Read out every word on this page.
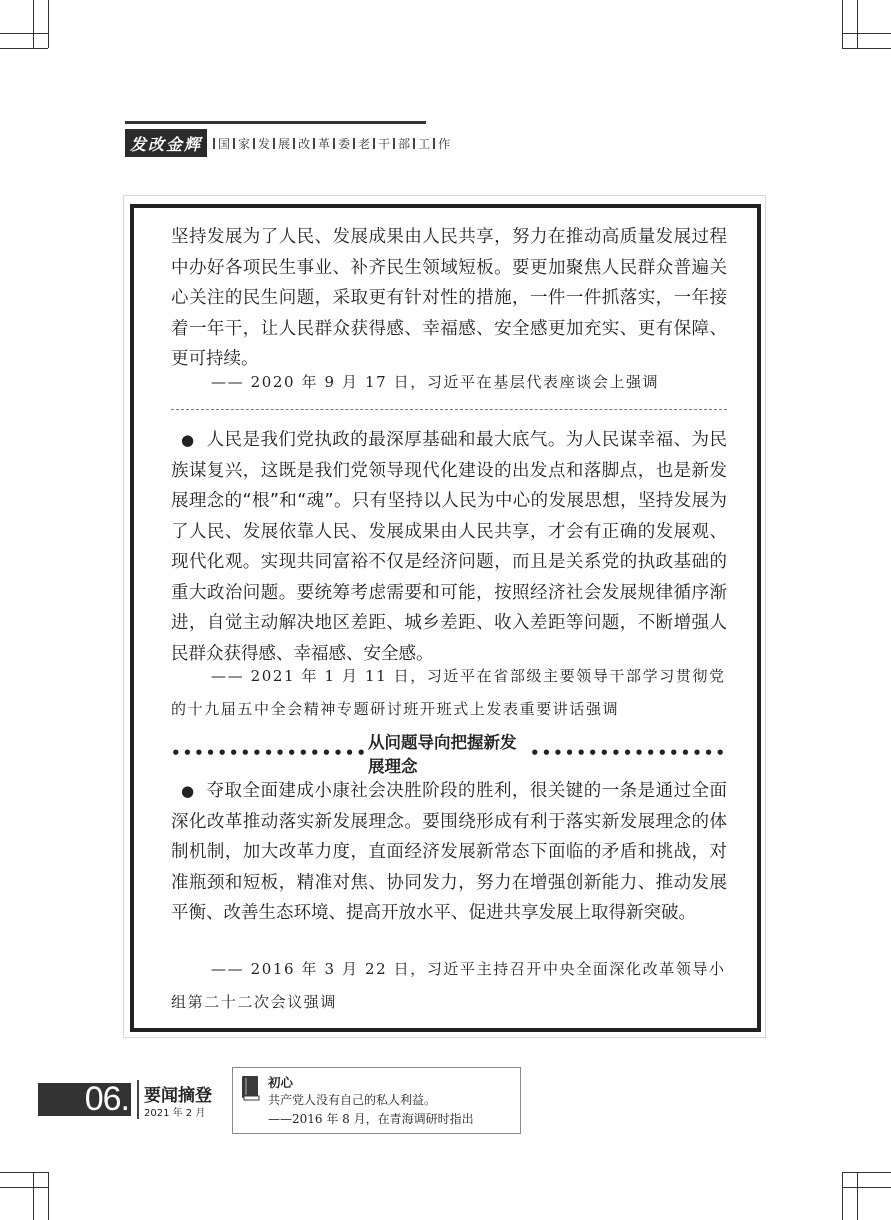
发改金辉	国 家 发 展 改 革 委 老 干 部 工 作
坚持发展为了人民、发展成果由人民共享，努力在推动高质量发展过程中办好各项民生事业、补齐民生领域短板。要更加聚焦人民群众普遍关心关注的民生问题，采取更有针对性的措施，一件一件抓落实，一年接着一年干，让人民群众获得感、幸福感、安全感更加充实、更有保障、更可持续。
—— 2020 年 9 月 17 日，习近平在基层代表座谈会上强调
● 人民是我们党执政的最深厚基础和最大底气。为人民谋幸福、为民族谋复兴，这既是我们党领导现代化建设的出发点和落脚点，也是新发展理念的“根”和“魂”。只有坚持以人民为中心的发展思想，坚持发展为了人民、发展依靠人民、发展成果由人民共享，才会有正确的发展观、现代化观。实现共同富裕不仅是经济问题，而且是关系党的执政基础的重大政治问题。要统筹考虑需要和可能，按照经济社会发展规律循序渐进，自觉主动解决地区差距、城乡差距、收入差距等问题，不断增强人民群众获得感、幸福感、安全感。
—— 2021 年 1 月 11 日，习近平在省部级主要领导干部学习贯彻党的十九届五中全会精神专题研讨班开班式上发表重要讲话强调
•••••••••••••••••
从问题导向把握新发展理念
•••••••••••••••••
● 夺取全面建成小康社会决胜阶段的胜利，很关键的一条是通过全面深化改革推动落实新发展理念。要围绕形成有利于落实新发展理念的体制机制，加大改革力度，直面经济发展新常态下面临的矛盾和挑战，对准瓶颈和短板，精准对焦、协同发力，努力在增强创新能力、推动发展平衡、改善生态环境、提高开放水平、促进共享发展上取得新突破。
—— 2016 年 3 月 22 日，习近平主持召开中央全面深化改革领导小组第二十二次会议强调
06. 要闻摘登
2021 年 2 月
初心
共产党人没有自己的私人利益。
——2016 年 8 月，在青海调研时指出
